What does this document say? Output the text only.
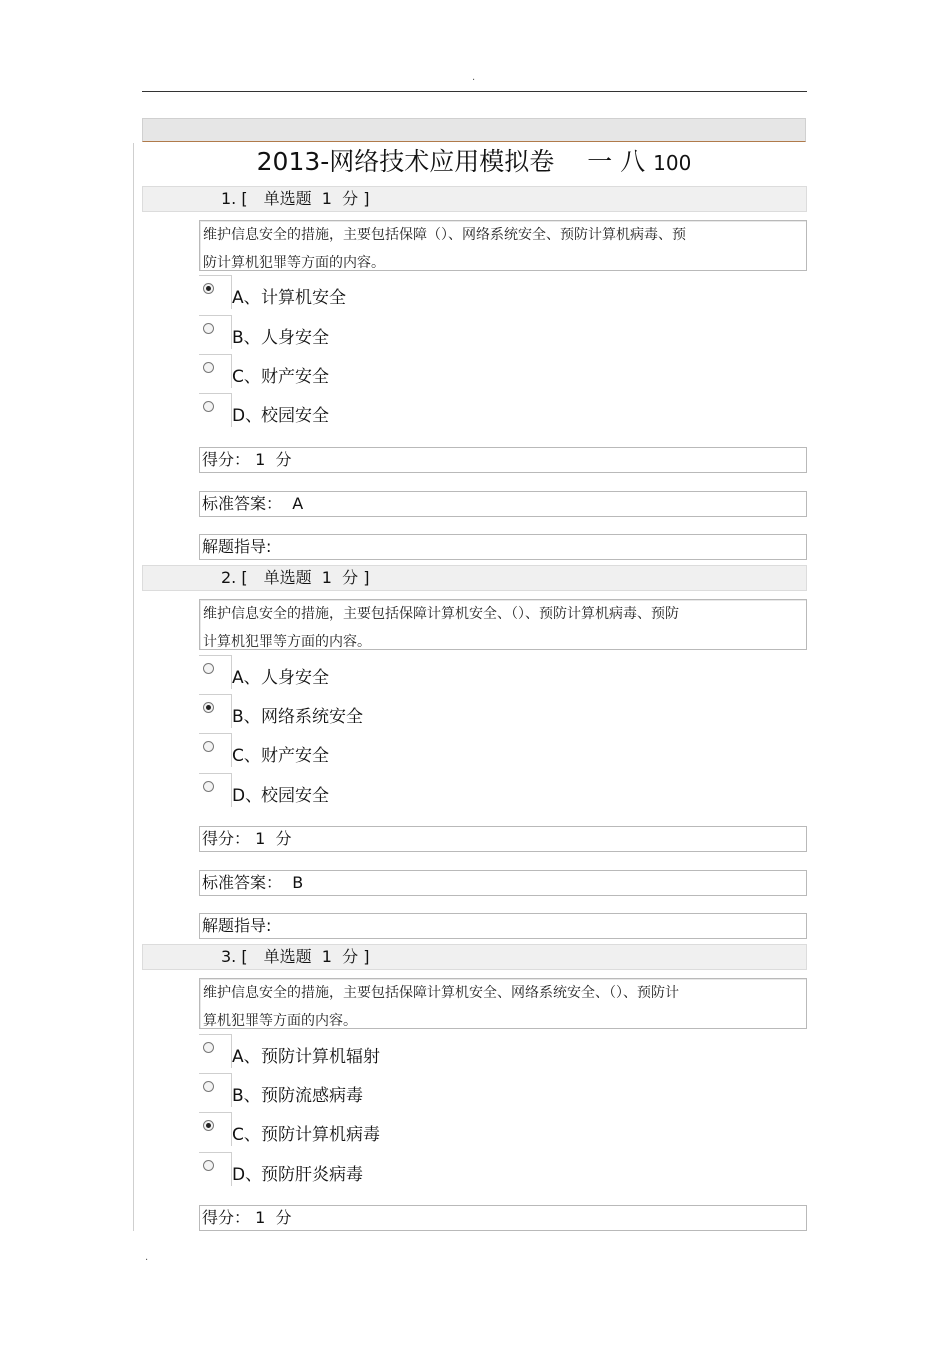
.
2013-网络技术应用模拟卷　 一 八 100
1. [　单选题  1  分 ]
维护信息安全的措施，主要包括保障（）、网络系统安全、预防计算机病毒、预
防计算机犯罪等方面的内容。
A、 计算机安全
B、 人身安全
C、 财产安全
D、
校园安全
得分： 1  分
标准答案： A
解题指导:
2. [　单选题  1  分 ]
维护信息安全的措施，主要包括保障计算机安全、（）、预防计算机病毒、预防
计算机犯罪等方面的内容。
A、 人身安全
B、 网络系统安全
C、 财产安全
D、
校园安全
得分： 1  分
标准答案： B
解题指导:
3. [　单选题  1  分 ]
维护信息安全的措施，主要包括保障计算机安全、网络系统安全、（）、预防计
算机犯罪等方面的内容。
A、 预防计算机辐射
B、 预防流感病毒
C、 预防计算机病毒
D、
预防肝炎病毒
得分： 1  分
.
